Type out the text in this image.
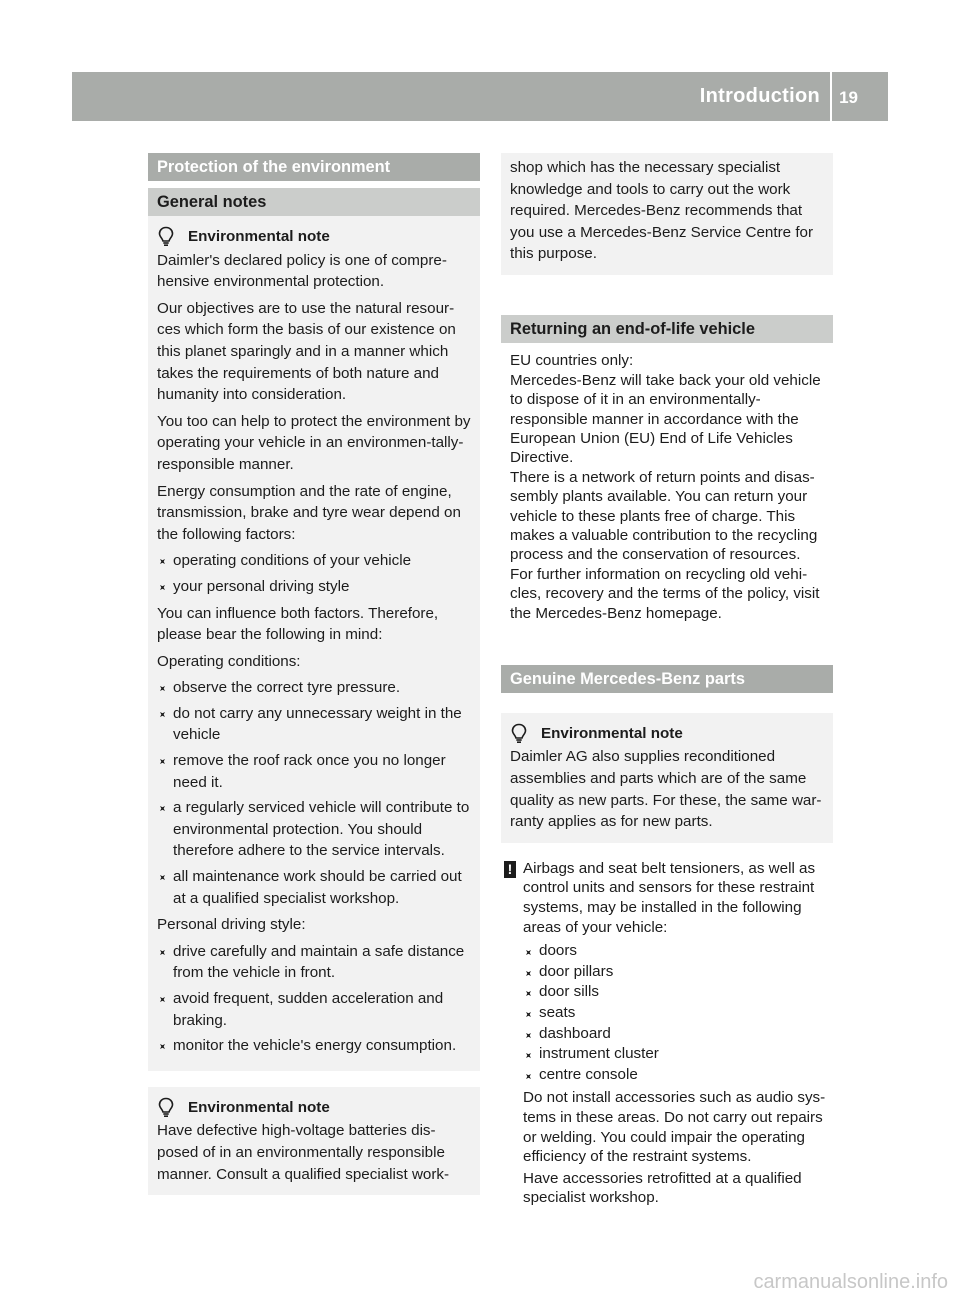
Introduction 19
Protection of the environment
General notes
Environmental note

Daimler's declared policy is one of compre-hensive environmental protection.

Our objectives are to use the natural resour-ces which form the basis of our existence on this planet sparingly and in a manner which takes the requirements of both nature and humanity into consideration.

You too can help to protect the environment by operating your vehicle in an environmen-tally-responsible manner.

Energy consumption and the rate of engine, transmission, brake and tyre wear depend on the following factors:

operating conditions of your vehicle
your personal driving style

You can influence both factors. Therefore, please bear the following in mind:

Operating conditions:

observe the correct tyre pressure.
do not carry any unnecessary weight in the vehicle
remove the roof rack once you no longer need it.
a regularly serviced vehicle will contribute to environmental protection. You should therefore adhere to the service intervals.
all maintenance work should be carried out at a qualified specialist workshop.

Personal driving style:

drive carefully and maintain a safe distance from the vehicle in front.
avoid frequent, sudden acceleration and braking.
monitor the vehicle's energy consumption.
Environmental note

Have defective high-voltage batteries dis-posed of in an environmentally responsible manner. Consult a qualified specialist work-

shop which has the necessary specialist knowledge and tools to carry out the work required. Mercedes-Benz recommends that you use a Mercedes-Benz Service Centre for this purpose.

Returning an end-of-life vehicle

EU countries only:

Mercedes-Benz will take back your old vehicle to dispose of it in an environmentally-responsible manner in accordance with the European Union (EU) End of Life Vehicles Directive.

There is a network of return points and disas-sembly plants available. You can return your vehicle to these plants free of charge. This makes a valuable contribution to the recycling process and the conservation of resources.

For further information on recycling old vehi-cles, recovery and the terms of the policy, visit the Mercedes-Benz homepage.

Genuine Mercedes-Benz parts
Environmental note

Daimler AG also supplies reconditioned assemblies and parts which are of the same quality as new parts. For these, the same war-ranty applies as for new parts.

! Airbags and seat belt tensioners, as well as control units and sensors for these restraint systems, may be installed in the following areas of your vehicle:

doors
door pillars
door sills
seats
dashboard
instrument cluster
centre console

Do not install accessories such as audio sys-tems in these areas. Do not carry out repairs or welding. You could impair the operating efficiency of the restraint systems.

Have accessories retrofitted at a qualified specialist workshop.

carmanualsonline.info
